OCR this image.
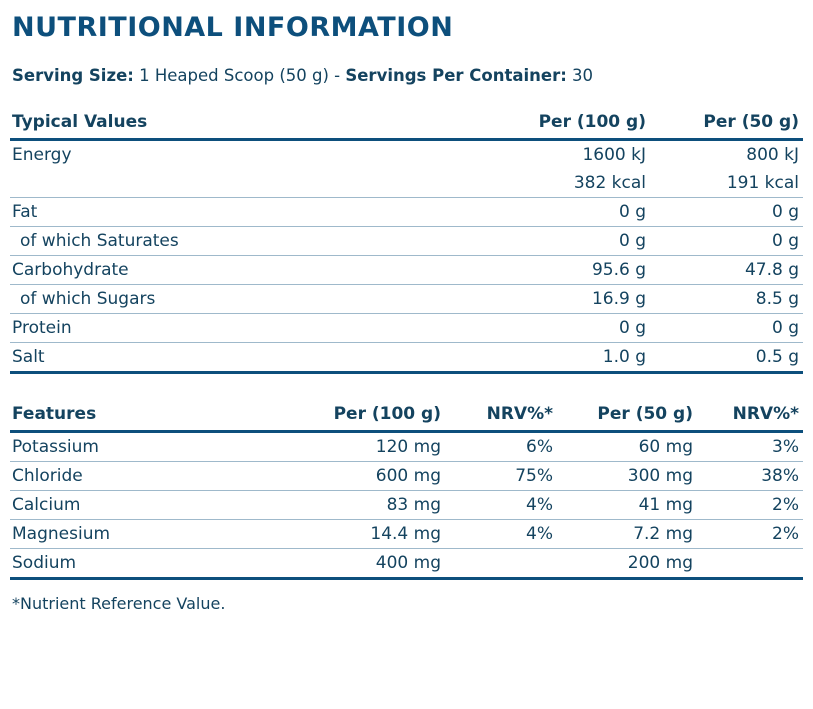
NUTRITIONAL INFORMATION
Serving Size: 1 Heaped Scoop (50 g) - Servings Per Container: 30
Typical Values	Per (100 g)	Per (50 g)
Energy	1600 kJ	800 kJ
	382 kcal	191 kcal
Fat	0 g	0 g
of which Saturates	0 g	0 g
Carbohydrate	95.6 g	47.8 g
of which Sugars	16.9 g	8.5 g
Protein	0 g	0 g
Salt	1.0 g	0.5 g
Features	Per (100 g)	NRV%*	Per (50 g)	NRV%*
Potassium	120 mg	6%	60 mg	3%
Chloride	600 mg	75%	300 mg	38%
Calcium	83 mg	4%	41 mg	2%
Magnesium	14.4 mg	4%	7.2 mg	2%
Sodium	400 mg		200 mg	
*Nutrient Reference Value.
